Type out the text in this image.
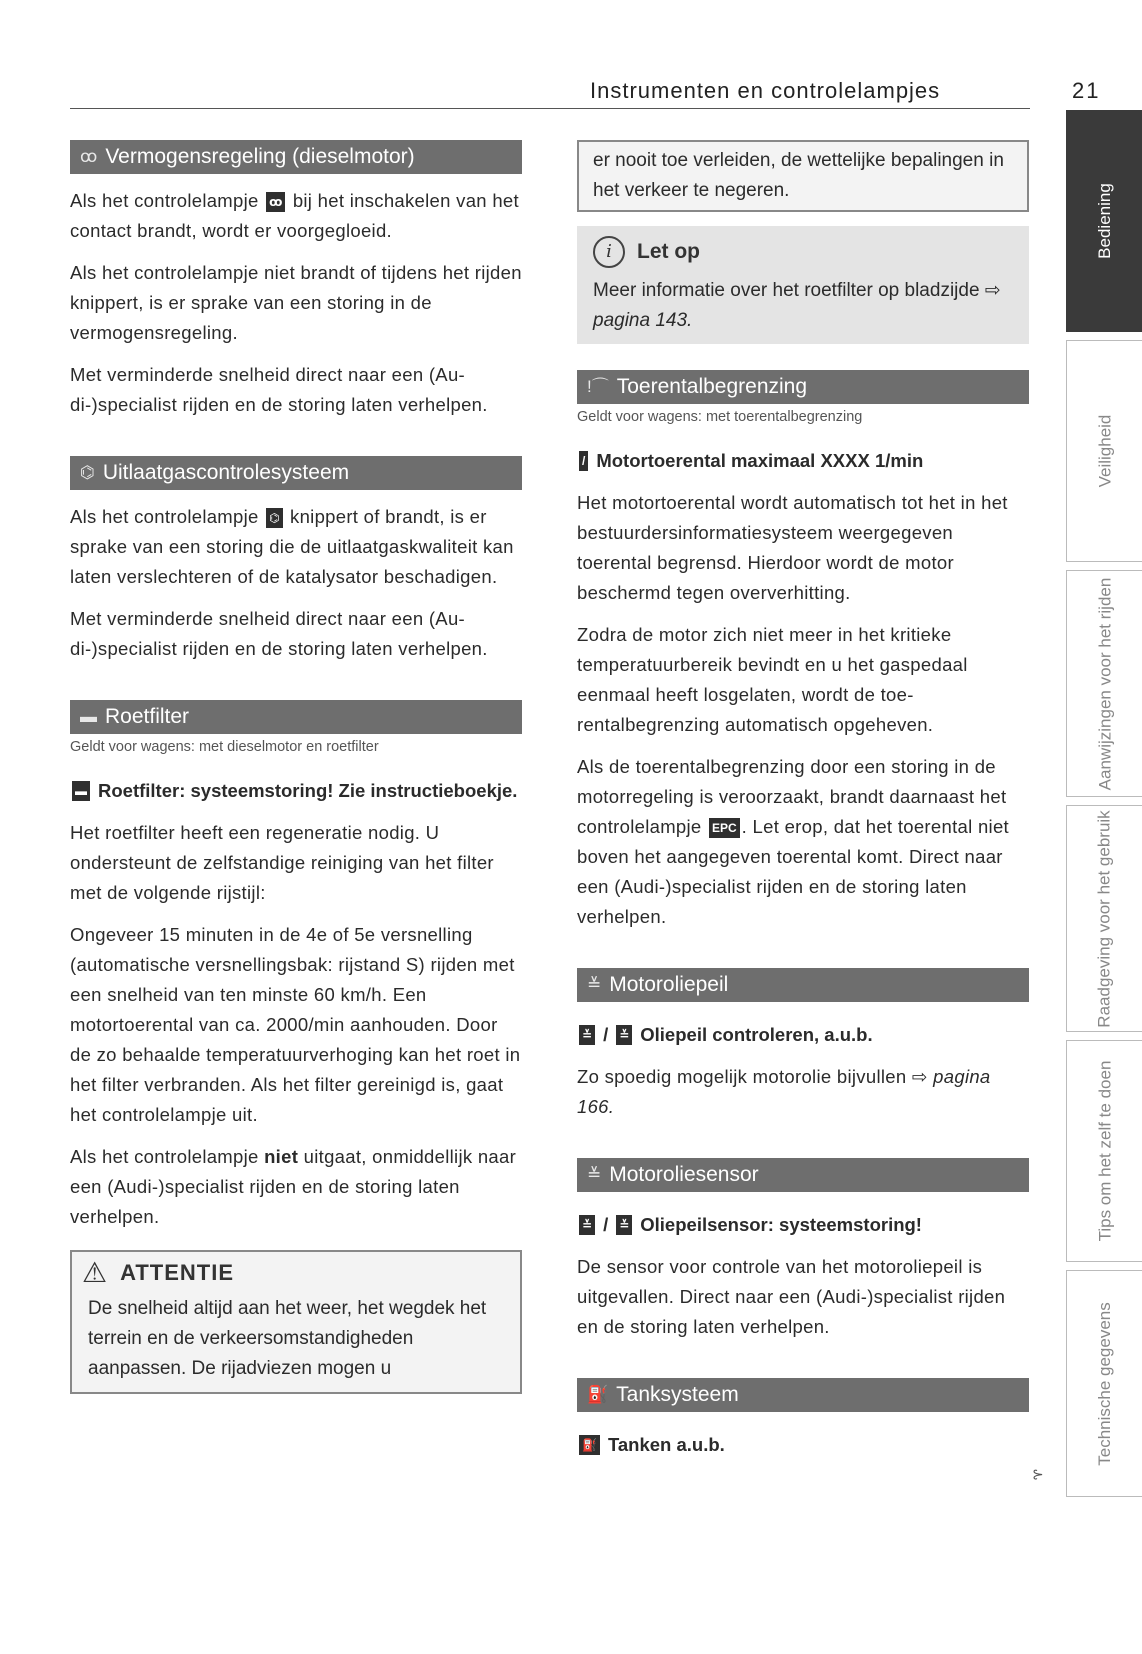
Instrumenten en controlelampjes	21
ꝏ Vermogensregeling (dieselmotor)

Als het controlelampje ꝏ bij het inschakelen van het contact brandt, wordt er voorgegloeid.

Als het controlelampje niet brandt of tijdens het rijden knippert, is er sprake van een storing in de vermogensregeling.

Met verminderde snelheid direct naar een (Audi-)specialist rijden en de storing laten verhelpen.

⌬ Uitlaatgascontrolesysteem

Als het controlelampje ⌬ knippert of brandt, is er sprake van een storing die de uitlaatgaskwaliteit kan laten verslechteren of de katalysator beschadigen.

Met verminderde snelheid direct naar een (Audi-)specialist rijden en de storing laten verhelpen.

▬ Roetfilter
Geldt voor wagens: met dieselmotor en roetfilter
▬ Roetfilter: systeemstoring! Zie instructieboekje.

Het roetfilter heeft een regeneratie nodig. U ondersteunt de zelfstandige reiniging van het filter met de volgende rijstijl:

Ongeveer 15 minuten in de 4e of 5e versnelling (automatische versnellingsbak: rijstand S) rijden met een snelheid van ten minste 60 km/h. Een motortoerental van ca. 2000/min aanhouden. Door de zo behaalde temperatuurverhoging kan het roet in het filter verbranden. Als het filter gereinigd is, gaat het controlelampje uit.

Als het controlelampje niet uitgaat, onmiddellijk naar een (Audi-)specialist rijden en de storing laten verhelpen.

⚠ ATTENTIE
De snelheid altijd aan het weer, het wegdek het terrein en de verkeersomstandigheden aanpassen. De rijadviezen mogen u
er nooit toe verleiden, de wettelijke bepalingen in het verkeer te negeren.
i	Let op
Meer informatie over het roetfilter op bladzijde ⇨ pagina 143.
!⌒ Toerentalbegrenzing
Geldt voor wagens: met toerentalbegrenzing
/ Motortoerental maximaal XXXX 1/min

Het motortoerental wordt automatisch tot het in het bestuurdersinformatiesysteem weergegeven toerental begrensd. Hierdoor wordt de motor beschermd tegen oververhitting.

Zodra de motor zich niet meer in het kritieke temperatuurbereik bevindt en u het gaspedaal eenmaal heeft losgelaten, wordt de toerentalbegrenzing automatisch opgeheven.

Als de toerentalbegrenzing door een storing in de motorregeling is veroorzaakt, brandt daarnaast het controlelampje EPC . Let erop, dat het toerental niet boven het aangegeven toerental komt. Direct naar een (Audi-)specialist rijden en de storing laten verhelpen.

≚ Motoroliepeil
≚ / ≚ Oliepeil controleren, a.u.b.

Zo spoedig mogelijk motorolie bijvullen ⇨ pagina 166.

≚ Motoroliesensor
≚ / ≚ Oliepeilsensor: systeemstoring!

De sensor voor controle van het motoroliepeil is uitgevallen. Direct naar een (Audi-)specialist rijden en de storing laten verhelpen.

⛽ Tanksysteem
⛽ Tanken a.u.b.
⊱
Bediening
Veiligheid
Aanwijzingen voor het rijden
Raadgeving voor het gebruik
Tips om het zelf te doen
Technische gegevens
